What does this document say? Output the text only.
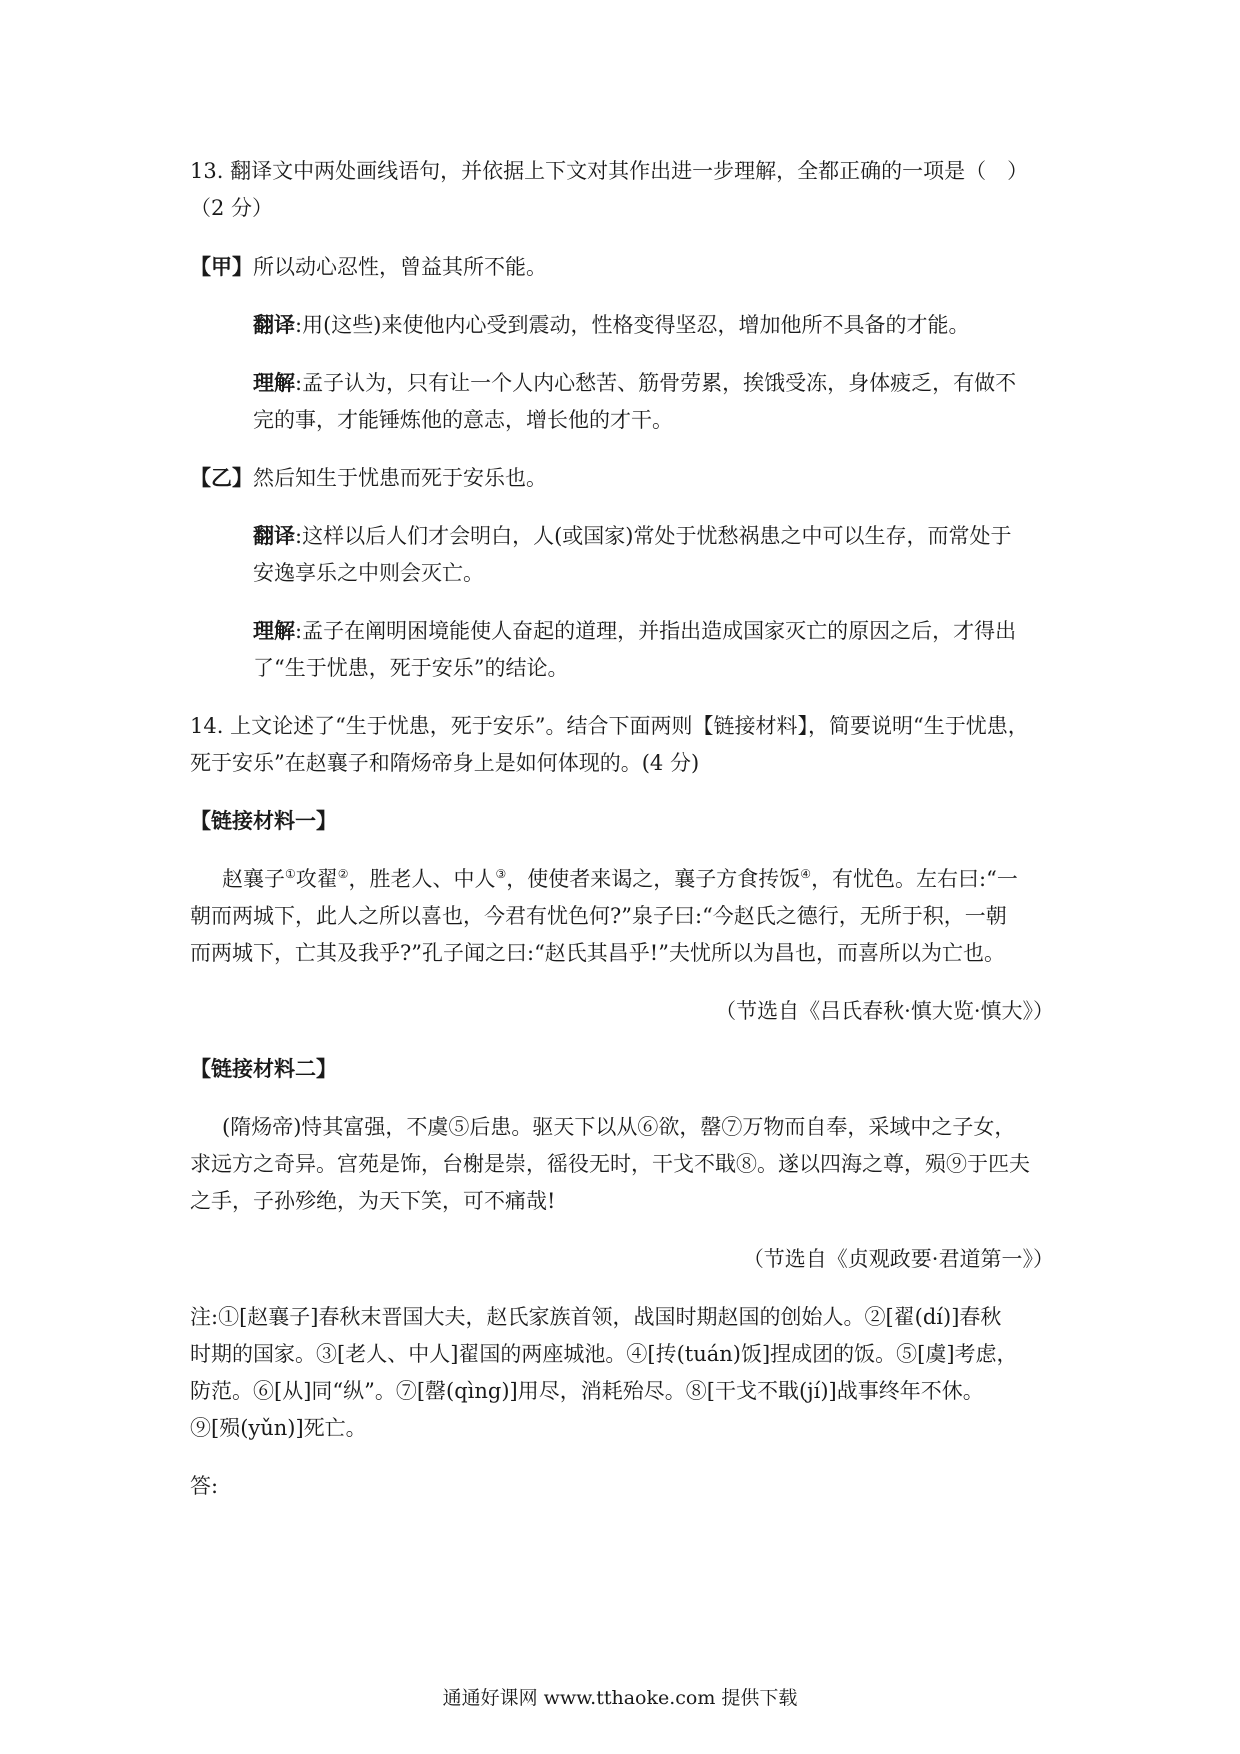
13. 翻译文中两处画线语句，并依据上下文对其作出进一步理解，全都正确的一项是（　）
（2 分）
【甲】所以动心忍性，曾益其所不能。
翻译:用(这些)来使他内心受到震动，性格变得坚忍，增加他所不具备的才能。
理解:孟子认为，只有让一个人内心愁苦、筋骨劳累，挨饿受冻，身体疲乏，有做不
完的事，才能锤炼他的意志，增长他的才干。
【乙】然后知生于忧患而死于安乐也。
翻译:这样以后人们才会明白，人(或国家)常处于忧愁祸患之中可以生存，而常处于
安逸享乐之中则会灭亡。
理解:孟子在阐明困境能使人奋起的道理，并指出造成国家灭亡的原因之后，才得出
了“生于忧患，死于安乐”的结论。
14. 上文论述了“生于忧患，死于安乐”。结合下面两则【链接材料】，简要说明“生于忧患，
死于安乐”在赵襄子和隋炀帝身上是如何体现的。(4 分)
【链接材料一】
赵襄子①攻翟②，胜老人、中人③，使使者来谒之，襄子方食抟饭④，有忧色。左右曰:“一
朝而两城下，此人之所以喜也，今君有忧色何?”泉子曰:“今赵氏之德行，无所于积，一朝
而两城下，亡其及我乎?”孔子闻之曰:“赵氏其昌乎!”夫忧所以为昌也，而喜所以为亡也。
（节选自《吕氏春秋·慎大览·慎大》）
【链接材料二】
(隋炀帝)恃其富强，不虞⑤后患。驱天下以从⑥欲，罄⑦万物而自奉，采域中之子女，
求远方之奇异。宫苑是饰，台榭是崇，徭役无时，干戈不戢⑧。遂以四海之尊，殒⑨于匹夫
之手，子孙殄绝，为天下笑，可不痛哉!
（节选自《贞观政要·君道第一》）
注:①[赵襄子]春秋末晋国大夫，赵氏家族首领，战国时期赵国的创始人。②[翟(dí)]春秋
时期的国家。③[老人、中人]翟国的两座城池。④[抟(tuán)饭]捏成团的饭。⑤[虞]考虑，
防范。⑥[从]同“纵”。⑦[罄(qìng)]用尽，消耗殆尽。⑧[干戈不戢(jí)]战事终年不休。
⑨[殒(yǔn)]死亡。
答:
通通好课网 www.tthaoke.com 提供下载
